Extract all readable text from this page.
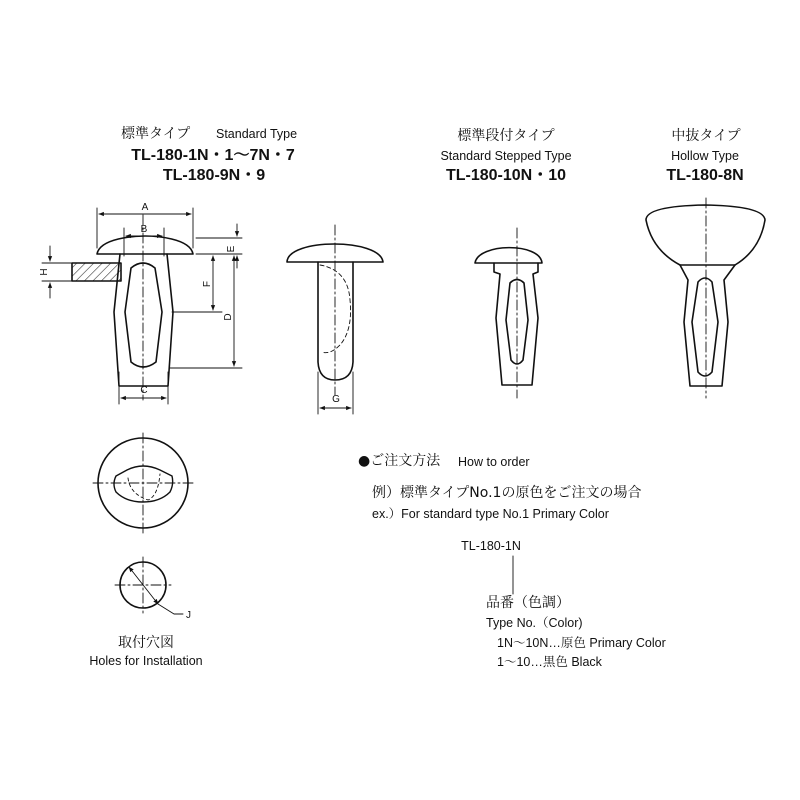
標準タイプ Standard Type
TL-180-1N・1～7N・7
TL-180-9N・9
標準段付タイプ
Standard Stepped Type
TL-180-10N・10
中抜タイプ
Hollow Type
TL-180-8N
A
B
H
E
F
D
C
G
J
取付穴図
Holes for Installation
●ご注文方法 How to order
例）標準タイプNo.1の原色をご注文の場合
ex.）For standard type No.1 Primary Color
TL-180-1N
品番（色調）
Type No.（Color)
1N～10N…原色 Primary Color
1～10…黒色 Black
